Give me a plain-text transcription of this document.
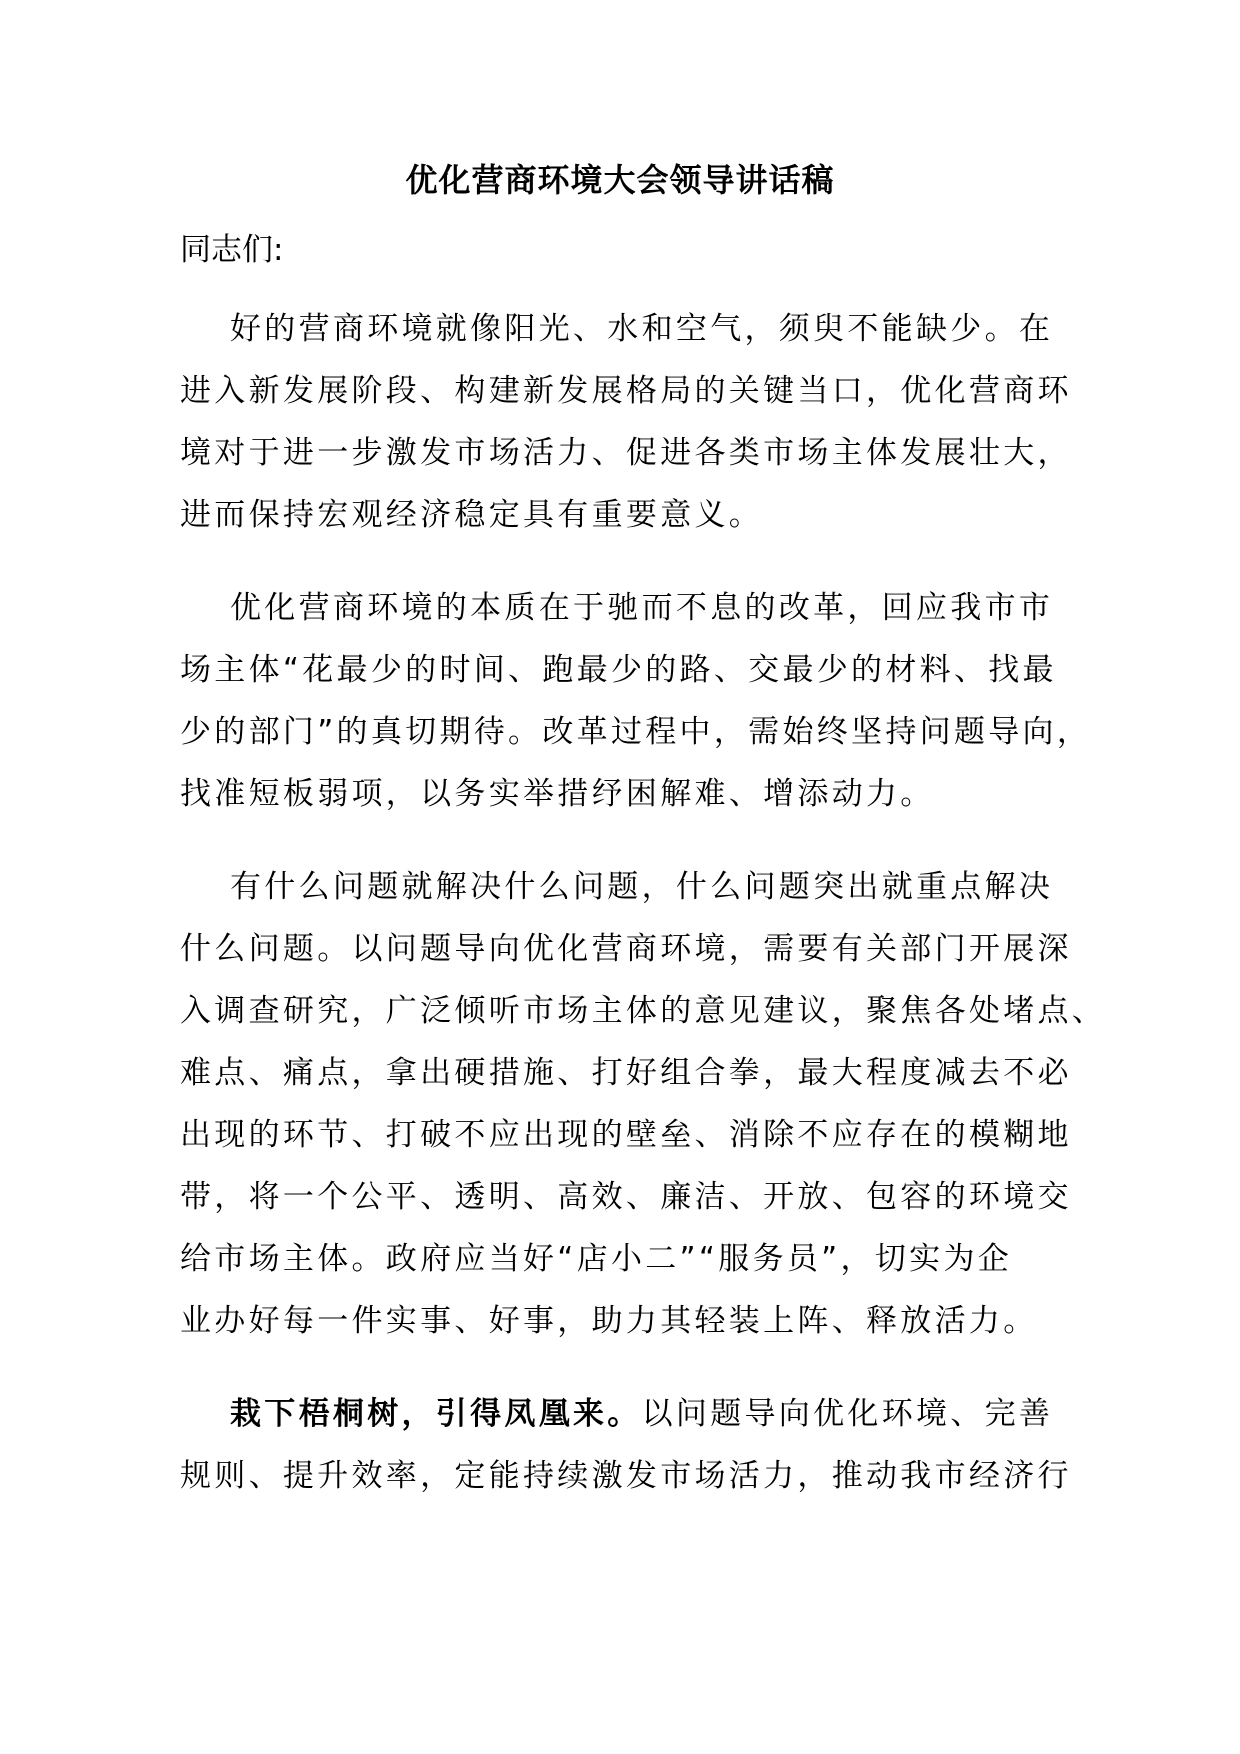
优化营商环境大会领导讲话稿

同志们:

好的营商环境就像阳光、水和空气，须臾不能缺少。在
进入新发展阶段、构建新发展格局的关键当口，优化营商环
境对于进一步激发市场活力、促进各类市场主体发展壮大，
进而保持宏观经济稳定具有重要意义。

优化营商环境的本质在于驰而不息的改革，回应我市市
场主体“花最少的时间、跑最少的路、交最少的材料、找最
少的部门”的真切期待。改革过程中，需始终坚持问题导向，
找准短板弱项，以务实举措纾困解难、增添动力。

有什么问题就解决什么问题，什么问题突出就重点解决
什么问题。以问题导向优化营商环境，需要有关部门开展深
入调查研究，广泛倾听市场主体的意见建议，聚焦各处堵点、
难点、痛点，拿出硬措施、打好组合拳，最大程度减去不必
出现的环节、打破不应出现的壁垒、消除不应存在的模糊地
带，将一个公平、透明、高效、廉洁、开放、包容的环境交
给市场主体。政府应当好“店小二”“服务员”，切实为企
业办好每一件实事、好事，助力其轻装上阵、释放活力。

栽下梧桐树，引得凤凰来。以问题导向优化环境、完善
规则、提升效率，定能持续激发市场活力，推动我市经济行
